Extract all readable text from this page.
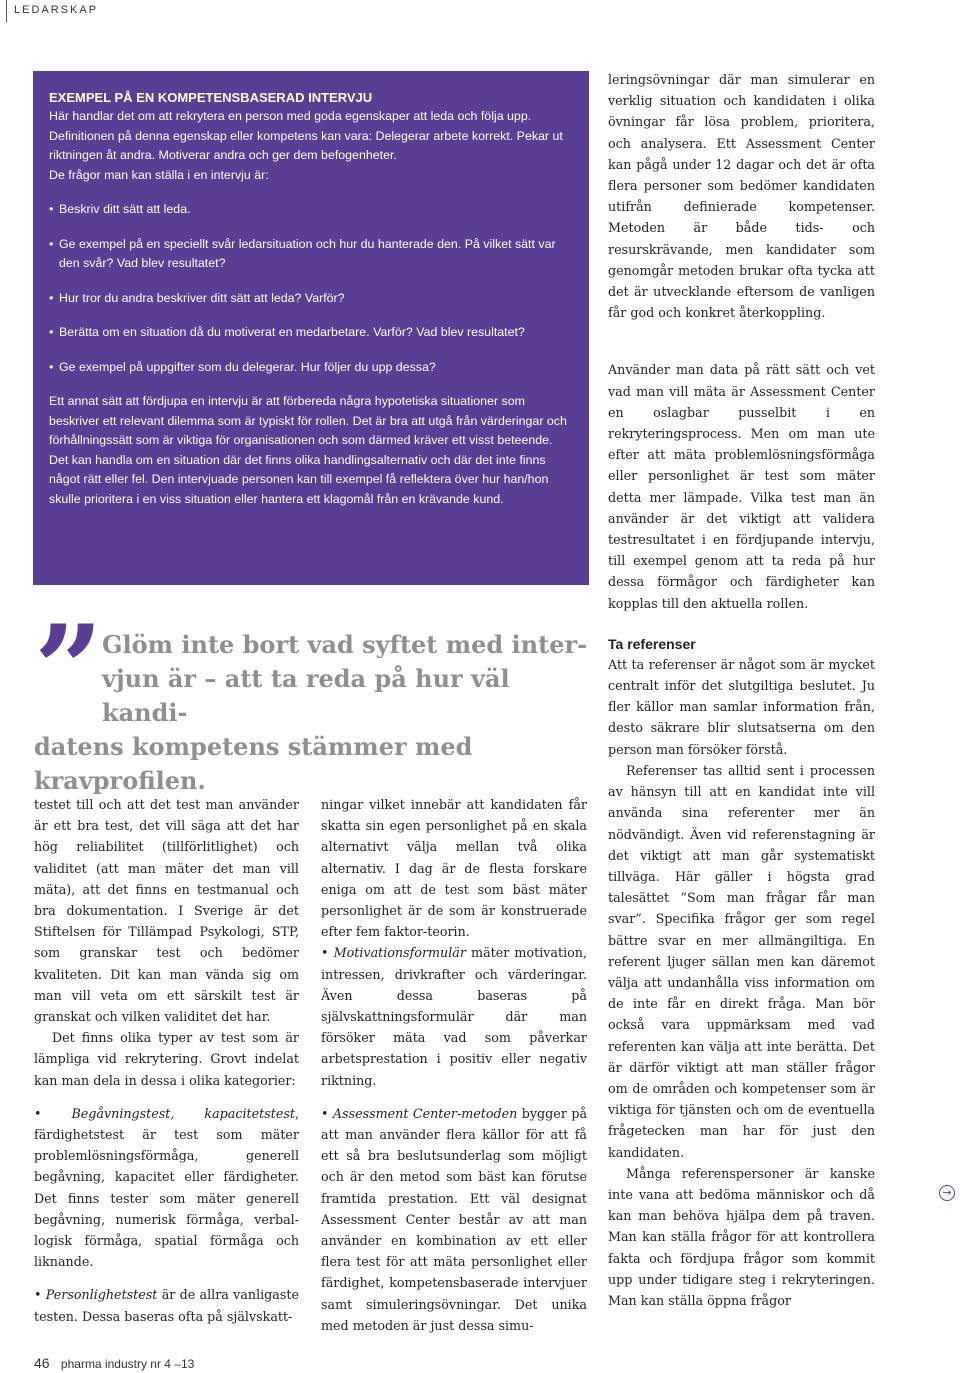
LEDARSKAP

EXEMPEL PÅ EN KOMPETENSBASERAD INTERVJU

Här handlar det om att rekrytera en person med goda egenskaper att leda och följa upp. Definitionen på denna egenskap eller kompetens kan vara: Delegerar arbete korrekt. Pekar ut riktningen åt andra. Motiverar andra och ger dem befogenheter.

De frågor man kan ställa i en intervju är:

• Beskriv ditt sätt att leda.

• Ge exempel på en speciellt svår ledarsituation och hur du hanterade den. På vilket sätt var den svår? Vad blev resultatet?

• Hur tror du andra beskriver ditt sätt att leda? Varför?

• Berätta om en situation då du motiverat en medarbetare. Varför? Vad blev resultatet?

• Ge exempel på uppgifter som du delegerar. Hur följer du upp dessa?

Ett annat sätt att fördjupa en intervju är att förbereda några hypotetiska situationer som beskriver ett relevant dilemma som är typiskt för rollen. Det är bra att utgå från värderingar och förhållningssätt som är viktiga för organisationen och som därmed kräver ett visst beteende. Det kan handla om en situation där det finns olika handlingsalternativ och där det inte finns något rätt eller fel. Den intervjuade personen kan till exempel få reflektera över hur han/hon skulle prioritera i en viss situation eller hantera ett klagomål från en krävande kund.

”
Glöm inte bort vad syftet med inter-
vjun är – att ta reda på hur väl kandi-
datens kompetens stämmer med kravprofilen.

testet till och att det test man använder är ett bra test, det vill säga att det har hög reliabilitet (tillförlitlighet) och validitet (att man mäter det man vill mäta), att det finns en testmanual och bra dokumentation. I Sverige är det Stiftelsen för Tillämpad Psykologi, STP, som granskar test och bedömer kvaliteten. Dit kan man vända sig om man vill veta om ett särskilt test är granskat och vilken validitet det har.

Det finns olika typer av test som är lämpliga vid rekrytering. Grovt indelat kan man dela in dessa i olika kategorier:

• Begåvningstest, kapacitetstest, färdighetstest är test som mäter problemlösningsförmåga, generell begåvning, kapacitet eller färdigheter. Det finns tester som mäter generell begåvning, numerisk förmåga, verbal-logisk förmåga, spatial förmåga och liknande.

• Personlighetstest är de allra vanligaste testen. Dessa baseras ofta på självskatt-

ningar vilket innebär att kandidaten får skatta sin egen personlighet på en skala alternativt välja mellan två olika alternativ. I dag är de flesta forskare eniga om att de test som bäst mäter personlighet är de som är konstruerade efter fem faktor-teorin.

• Motivationsformulär mäter motivation, intressen, drivkrafter och värderingar. Även dessa baseras på självskattningsformulär där man försöker mäta vad som påverkar arbetsprestation i positiv eller negativ riktning.

• Assessment Center-metoden bygger på att man använder flera källor för att få ett så bra beslutsunderlag som möjligt och är den metod som bäst kan förutse framtida prestation. Ett väl designat Assessment Center består av att man använder en kombination av ett eller flera test för att mäta personlighet eller färdighet, kompetensbaserade intervjuer samt simuleringsövningar. Det unika med metoden är just dessa simu-

leringsövningar där man simulerar en verklig situation och kandidaten i olika övningar får lösa problem, prioritera, och analysera. Ett Assessment Center kan pågå under 12 dagar och det är ofta flera personer som bedömer kandidaten utifrån definierade kompetenser. Metoden är både tids- och resurskrävande, men kandidater som genomgår metoden brukar ofta tycka att det är utvecklande eftersom de vanligen får god och konkret återkoppling.

Använder man data på rätt sätt och vet vad man vill mäta är Assessment Center en oslagbar pusselbit i en rekryteringsprocess. Men om man ute efter att mäta problemlösningsförmåga eller personlighet är test som mäter detta mer lämpade. Vilka test man än använder är det viktigt att validera testresultatet i en fördjupande intervju, till exempel genom att ta reda på hur dessa förmågor och färdigheter kan kopplas till den aktuella rollen.

Ta referenser

Att ta referenser är något som är mycket centralt inför det slutgiltiga beslutet. Ju fler källor man samlar information från, desto säkrare blir slutsatserna om den person man försöker förstå.

Referenser tas alltid sent i processen av hänsyn till att en kandidat inte vill använda sina referenter mer än nödvändigt. Även vid referenstagning är det viktigt att man går systematiskt tillväga. Här gäller i högsta grad talesättet ”Som man frågar får man svar”. Specifika frågor ger som regel bättre svar en mer allmängiltiga. En referent ljuger sällan men kan däremot välja att undanhålla viss information om de inte får en direkt fråga. Man bör också vara uppmärksam med vad referenten kan välja att inte berätta. Det är därför viktigt att man ställer frågor om de områden och kompetenser som är viktiga för tjänsten och om de eventuella frågetecken man har för just den kandidaten.

Många referenspersoner är kanske inte vana att bedöma människor och då kan man behöva hjälpa dem på traven. Man kan ställa frågor för att kontrollera fakta och fördjupa frågor som kommit upp under tidigare steg i rekryteringen. Man kan ställa öppna frågor

→
46 pharma industry nr 4 –13
